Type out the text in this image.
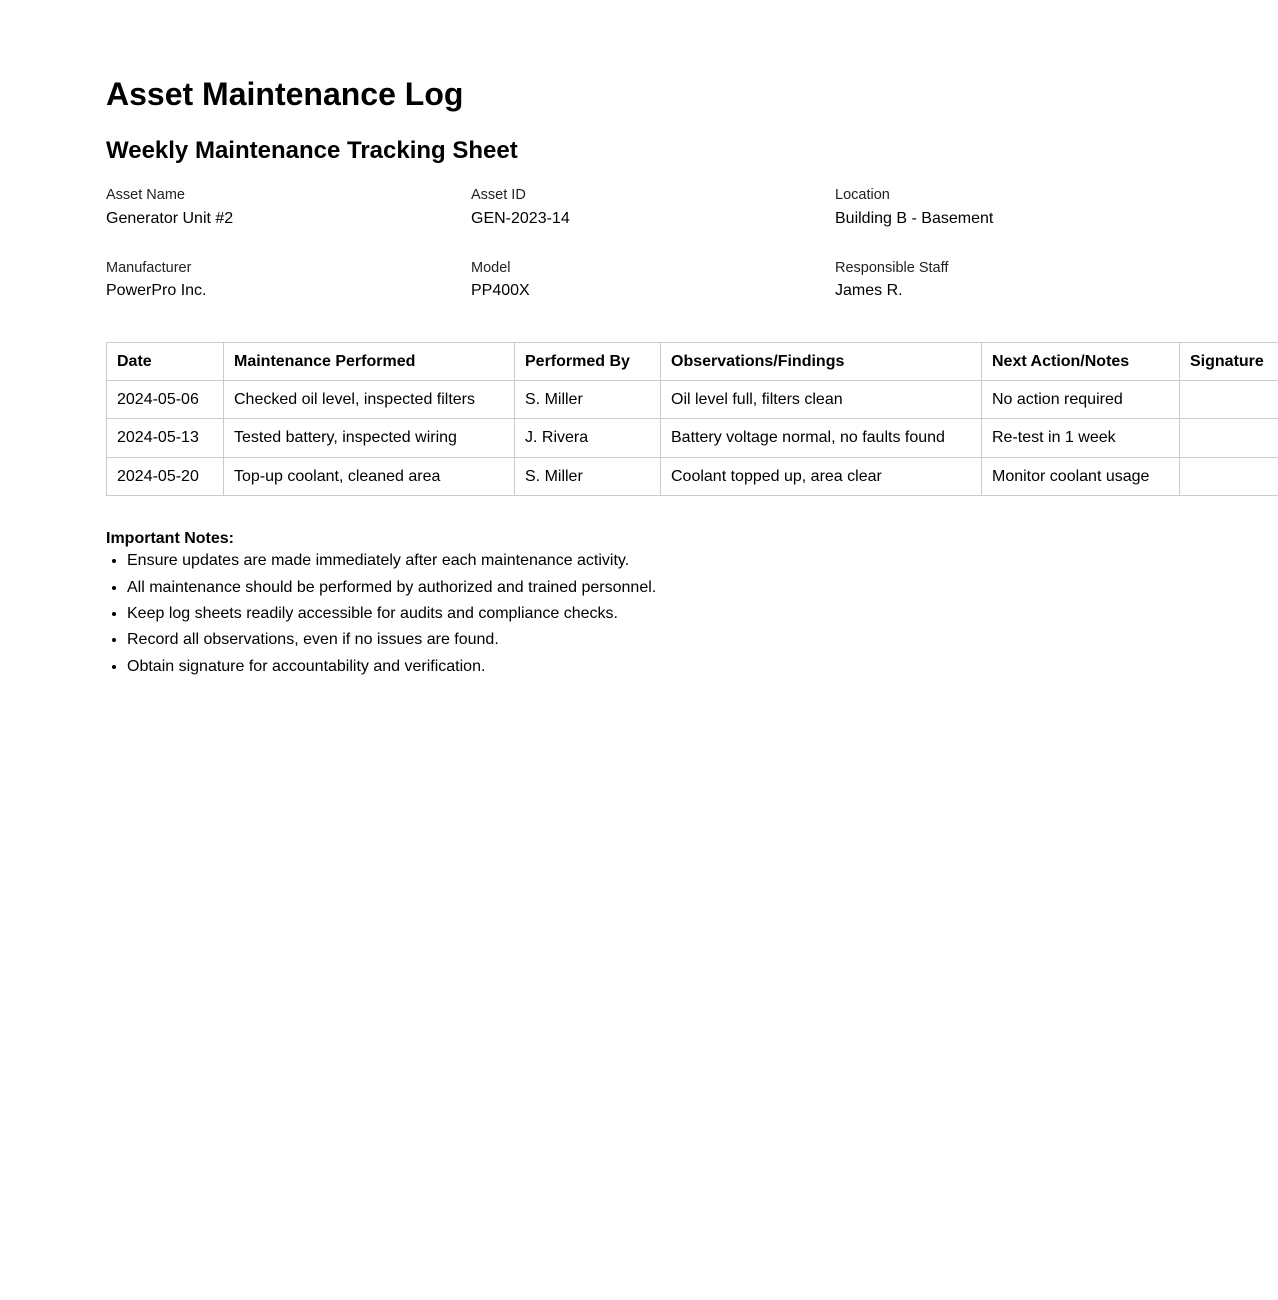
Asset Maintenance Log
Weekly Maintenance Tracking Sheet
Asset Name
Generator Unit #2
Asset ID
GEN-2023-14
Location
Building B - Basement
Manufacturer
PowerPro Inc.
Model
PP400X
Responsible Staff
James R.
Date	Maintenance Performed	Performed By	Observations/Findings	Next Action/Notes	Signature
2024-05-06	Checked oil level, inspected filters	S. Miller	Oil level full, filters clean	No action required	
2024-05-13	Tested battery, inspected wiring	J. Rivera	Battery voltage normal, no faults found	Re-test in 1 week	
2024-05-20	Top-up coolant, cleaned area	S. Miller	Coolant topped up, area clear	Monitor coolant usage	
Important Notes:
• Ensure updates are made immediately after each maintenance activity.
• All maintenance should be performed by authorized and trained personnel.
• Keep log sheets readily accessible for audits and compliance checks.
• Record all observations, even if no issues are found.
• Obtain signature for accountability and verification.
